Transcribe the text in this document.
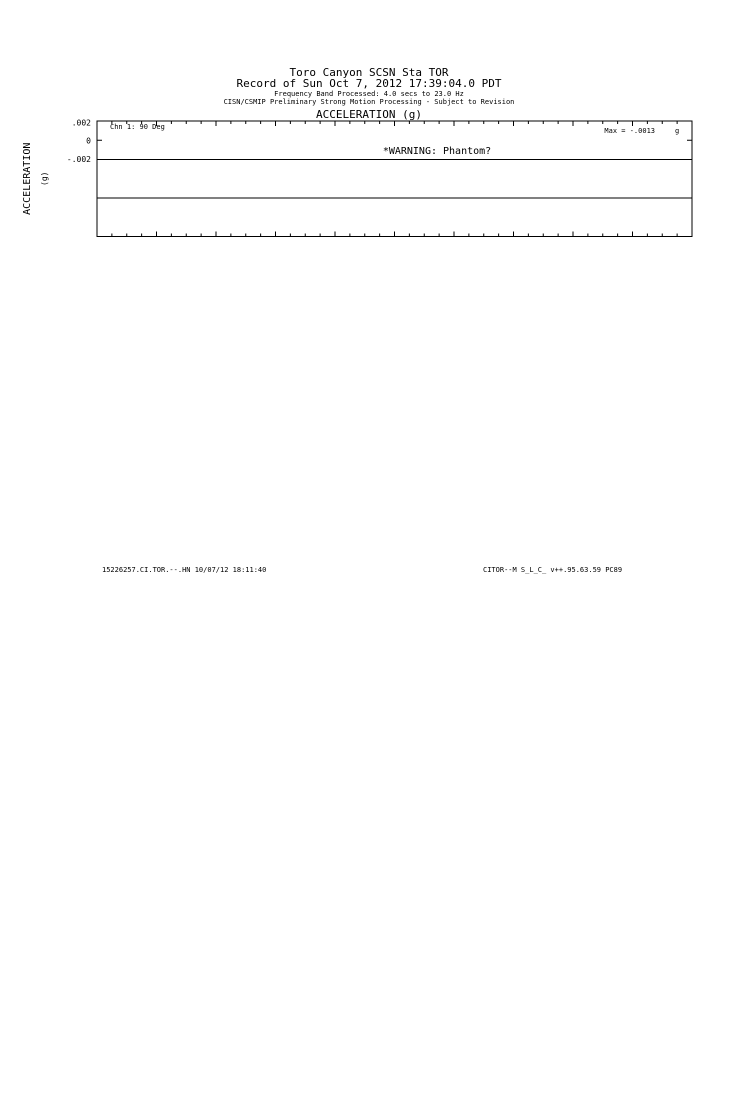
Toro Canyon SCSN Sta TOR
Record of Sun Oct 7, 2012 17:39:04.0 PDT
Frequency Band Processed: 4.0 secs to 23.0 Hz
CISN/CSMIP Preliminary Strong Motion Processing - Subject to Revision
ACCELERATION (g)
ACCELERATION (g)
*WARNING: Phantom?
Chn 1: 90 Deg	Max = -.0013	g
.002
0
-.002
15226257.CI.TOR.--.HN 10/07/12 18:11:40	CITOR--M S_L_C_ v++.95.63.59 PC89
